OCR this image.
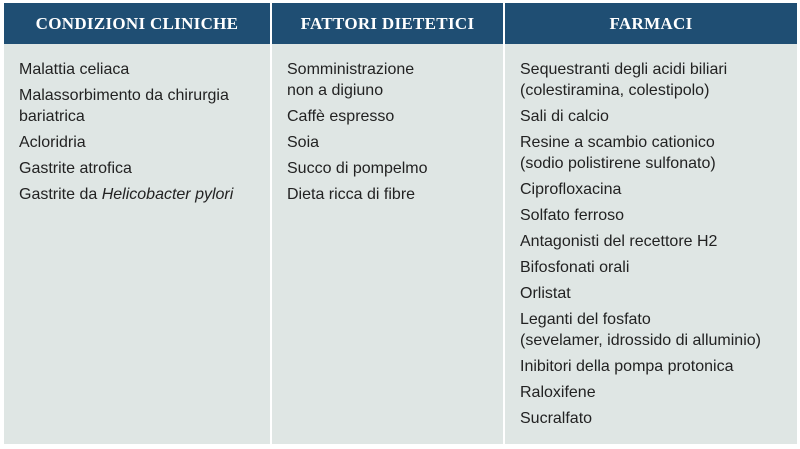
CONDIZIONI CLINICHE	FATTORI DIETETICI	FARMACI
Malattia celiaca
Malassorbimento da chirurgia
bariatrica
Acloridria
Gastrite atrofica
Gastrite da Helicobacter pylori
Somministrazione
non a digiuno
Caffè espresso
Soia
Succo di pompelmo
Dieta ricca di fibre
Sequestranti degli acidi biliari
(colestiramina, colestipolo)
Sali di calcio
Resine a scambio cationico
(sodio polistirene sulfonato)
Ciprofloxacina
Solfato ferroso
Antagonisti del recettore H2
Bifosfonati orali
Orlistat
Leganti del fosfato
(sevelamer, idrossido di alluminio)
Inibitori della pompa protonica
Raloxifene
Sucralfato
